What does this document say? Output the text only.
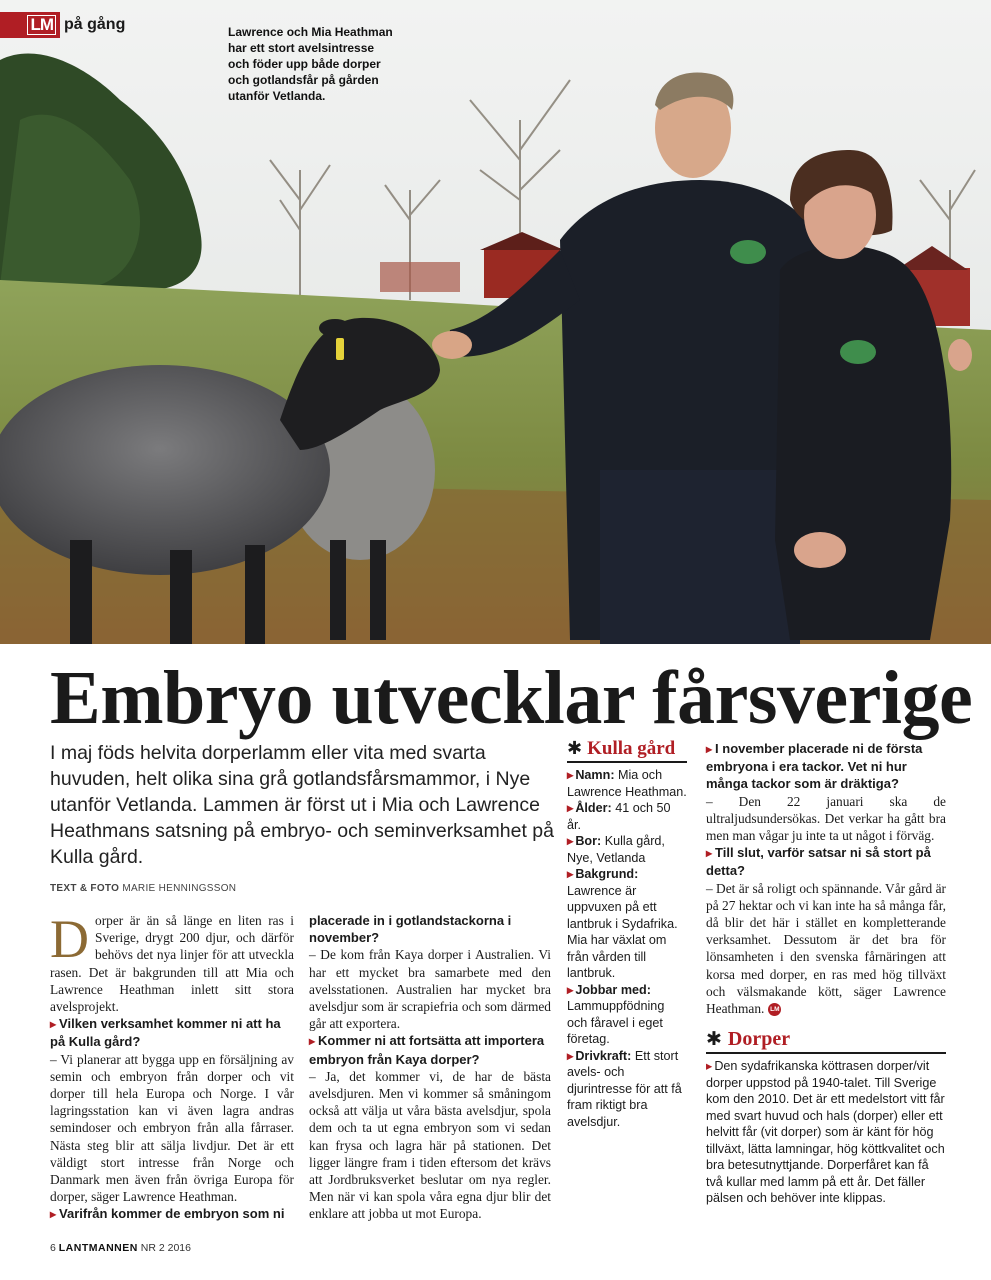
LM på gång	Lawrence och Mia Heathman har ett stort avelsintresse och föder upp både dorper och gotlandsfår på gården utanför Vetlanda.
Embryo utvecklar fårsverige
I maj föds helvita dorperlamm eller vita med svarta huvuden, helt olika sina grå gotlandsfårsmammor, i Nye utanför Vetlanda. Lammen är först ut i Mia och Lawrence Heathmans satsning på embryo- och seminverksamhet på Kulla gård.
TEXT & FOTO MARIE HENNINGSSON

Dorper är än så länge en liten ras i Sverige, drygt 200 djur, och därför behövs det nya linjer för att utveckla rasen. Det är bakgrunden till att Mia och Lawrence Heathman inlett sitt stora avelsprojekt.

▸ Vilken verksamhet kommer ni att ha på Kulla gård?

– Vi planerar att bygga upp en försäljning av semin och embryon från dorper och vit dorper till hela Europa och Norge. I vår lagringsstation kan vi även lagra andras semindoser och embryon från alla fårraser. Nästa steg blir att sälja livdjur. Det är ett väldigt stort intresse från Norge och Danmark men även från övriga Europa för dorper, säger Lawrence Heathman.

▸ Varifrån kommer de embryon som ni

placerade in i gotlandstackorna i november?

– De kom från Kaya dorper i Australien. Vi har ett mycket bra samarbete med den avelsstationen. Australien har mycket bra avelsdjur som är scrapiefria och som därmed går att exportera.

▸ Kommer ni att fortsätta att importera embryon från Kaya dorper?

– Ja, det kommer vi, de har de bästa avelsdjuren. Men vi kommer så småningom också att välja ut våra bästa avelsdjur, spola dem och ta ut egna embryon som vi sedan kan frysa och lagra här på stationen. Det ligger längre fram i tiden eftersom det krävs att Jordbruksverket beslutar om nya regler. Men när vi kan spola våra egna djur blir det enklare att jobba ut mot Europa.

✱ Kulla gård
▸ Namn: Mia och Lawrence Heathman.
▸ Ålder: 41 och 50 år.
▸ Bor: Kulla gård, Nye, Vetlanda
▸ Bakgrund: Lawrence är uppvuxen på ett lantbruk i Sydafrika. Mia har växlat om från vården till lantbruk.
▸ Jobbar med: Lammuppfödning och fåravel i eget företag.
▸ Drivkraft: Ett stort avels- och djurintresse för att få fram riktigt bra avelsdjur.

▸ I november placerade ni de första embryona i era tackor. Vet ni hur många tackor som är dräktiga?

– Den 22 januari ska de ultraljudsundersökas. Det verkar ha gått bra men man vågar ju inte ta ut något i förväg.

▸ Till slut, varför satsar ni så stort på detta?

– Det är så roligt och spännande. Vår gård är på 27 hektar och vi kan inte ha så många får, då blir det här i stället en kompletterande verksamhet. Dessutom är det bra för lönsamheten i den svenska fårnäringen att korsa med dorper, en ras med hög tillväxt och välsmakande kött, säger Lawrence Heathman. LM

✱ Dorper
▸ Den sydafrikanska köttrasen dorper/vit dorper uppstod på 1940-talet. Till Sverige kom den 2010. Det är ett medelstort vitt får med svart huvud och hals (dorper) eller ett helvitt får (vit dorper) som är känt för hög tillväxt, lätta lamningar, hög köttkvalitet och bra betesutnyttjande. Dorperfåret kan få två kullar med lamm på ett år. Det fäller pälsen och behöver inte klippas.
6 LANTMANNEN NR 2 2016
